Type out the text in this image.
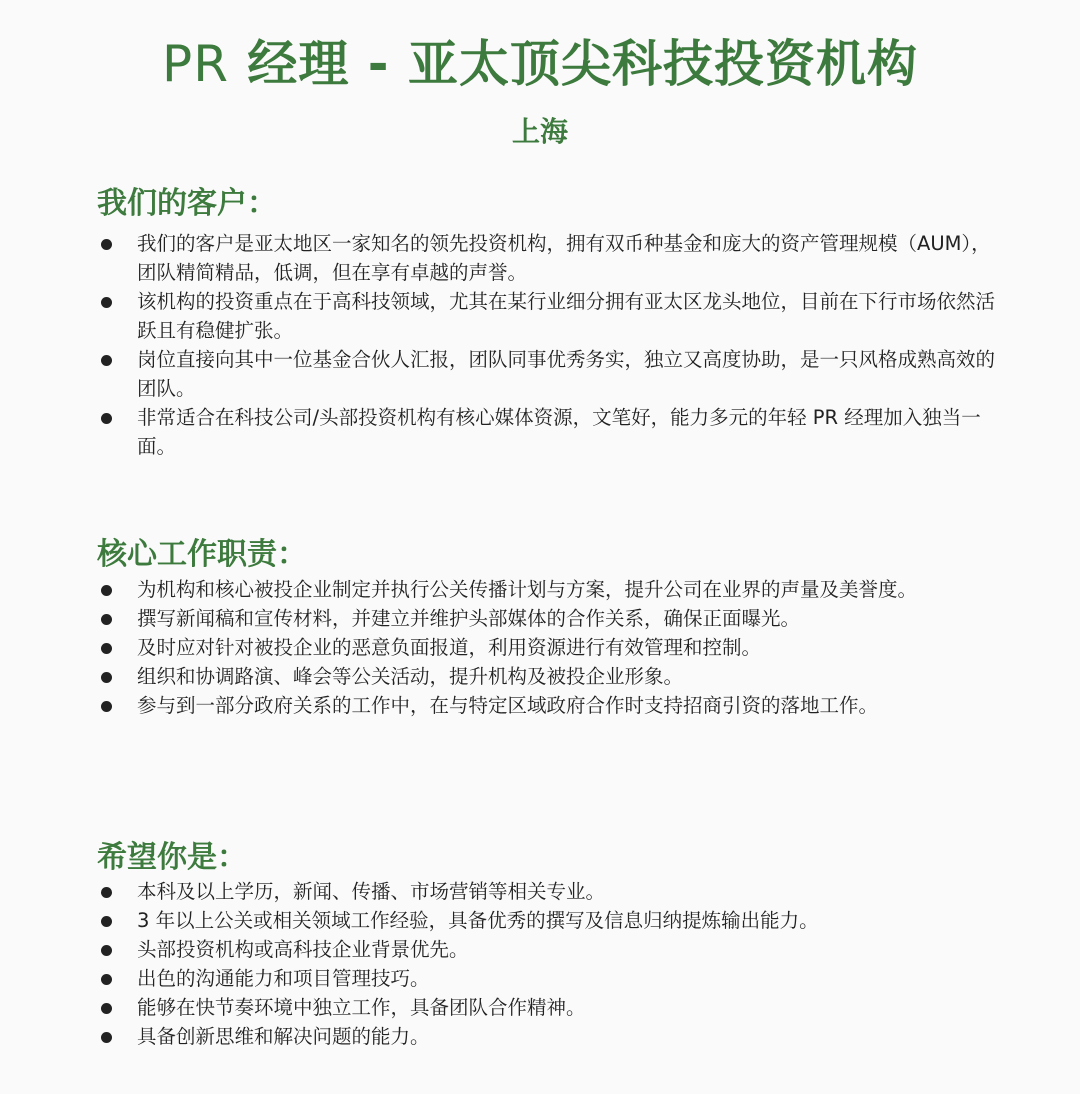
PR 经理 - 亚太顶尖科技投资机构
上海
我们的客户：
我们的客户是亚太地区一家知名的领先投资机构，拥有双币种基金和庞大的资产管理规模（AUM），团队精简精品，低调，但在享有卓越的声誉。
该机构的投资重点在于高科技领域，尤其在某行业细分拥有亚太区龙头地位，目前在下行市场依然活跃且有稳健扩张。
岗位直接向其中一位基金合伙人汇报，团队同事优秀务实，独立又高度协助，是一只风格成熟高效的团队。
非常适合在科技公司/头部投资机构有核心媒体资源，文笔好，能力多元的年轻 PR 经理加入独当一面。
核心工作职责：
为机构和核心被投企业制定并执行公关传播计划与方案，提升公司在业界的声量及美誉度。
撰写新闻稿和宣传材料，并建立并维护头部媒体的合作关系，确保正面曝光。
及时应对针对被投企业的恶意负面报道，利用资源进行有效管理和控制。
组织和协调路演、峰会等公关活动，提升机构及被投企业形象。
参与到一部分政府关系的工作中，在与特定区域政府合作时支持招商引资的落地工作。
希望你是：
本科及以上学历，新闻、传播、市场营销等相关专业。
3 年以上公关或相关领域工作经验，具备优秀的撰写及信息归纳提炼输出能力。
头部投资机构或高科技企业背景优先。
出色的沟通能力和项目管理技巧。
能够在快节奏环境中独立工作，具备团队合作精神。
具备创新思维和解决问题的能力。
